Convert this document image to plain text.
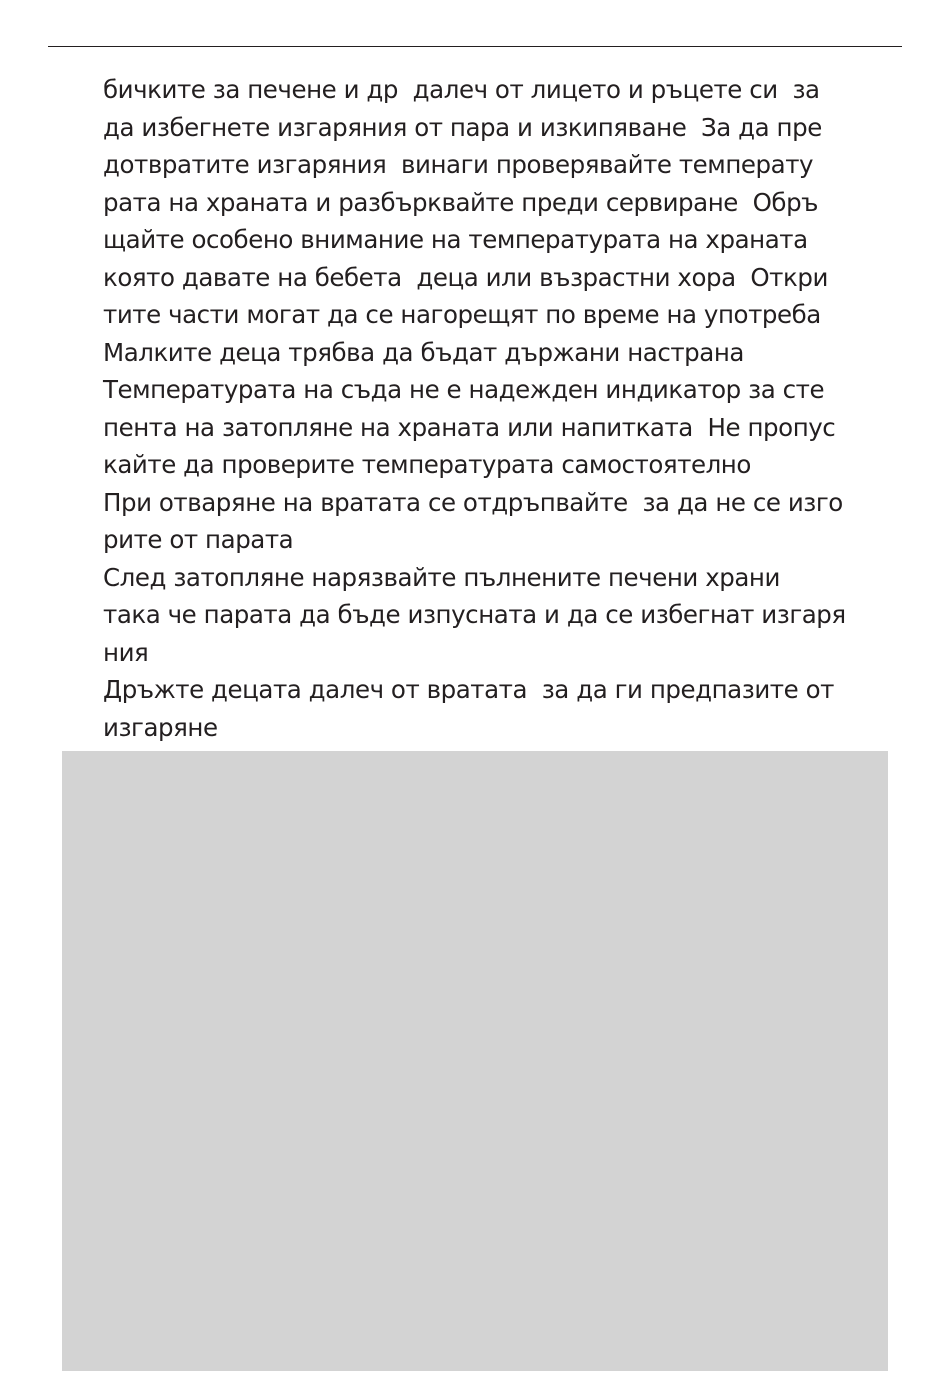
бичките за печене и др  далеч от лицето и ръцете си  за
да избегнете изгаряния от пара и изкипяване  За да пре
дотвратите изгаряния  винаги проверявайте температу
рата на храната и разбърквайте преди сервиране  Обръ
щайте особено внимание на температурата на храната
която давате на бебета  деца или възрастни хора  Откри
тите части могат да се нагорещят по време на употреба
Малките деца трябва да бъдат държани настрана
Температурата на съда не е надежден индикатор за сте
пента на затопляне на храната или напитката  Не пропус
кайте да проверите температурата самостоятелно
При отваряне на вратата се отдръпвайте  за да не се изго
рите от парата
След затопляне нарязвайте пълнените печени храни
така че парата да бъде изпусната и да се избегнат изгаря
ния
Дръжте децата далеч от вратата  за да ги предпазите от
изгаряне
